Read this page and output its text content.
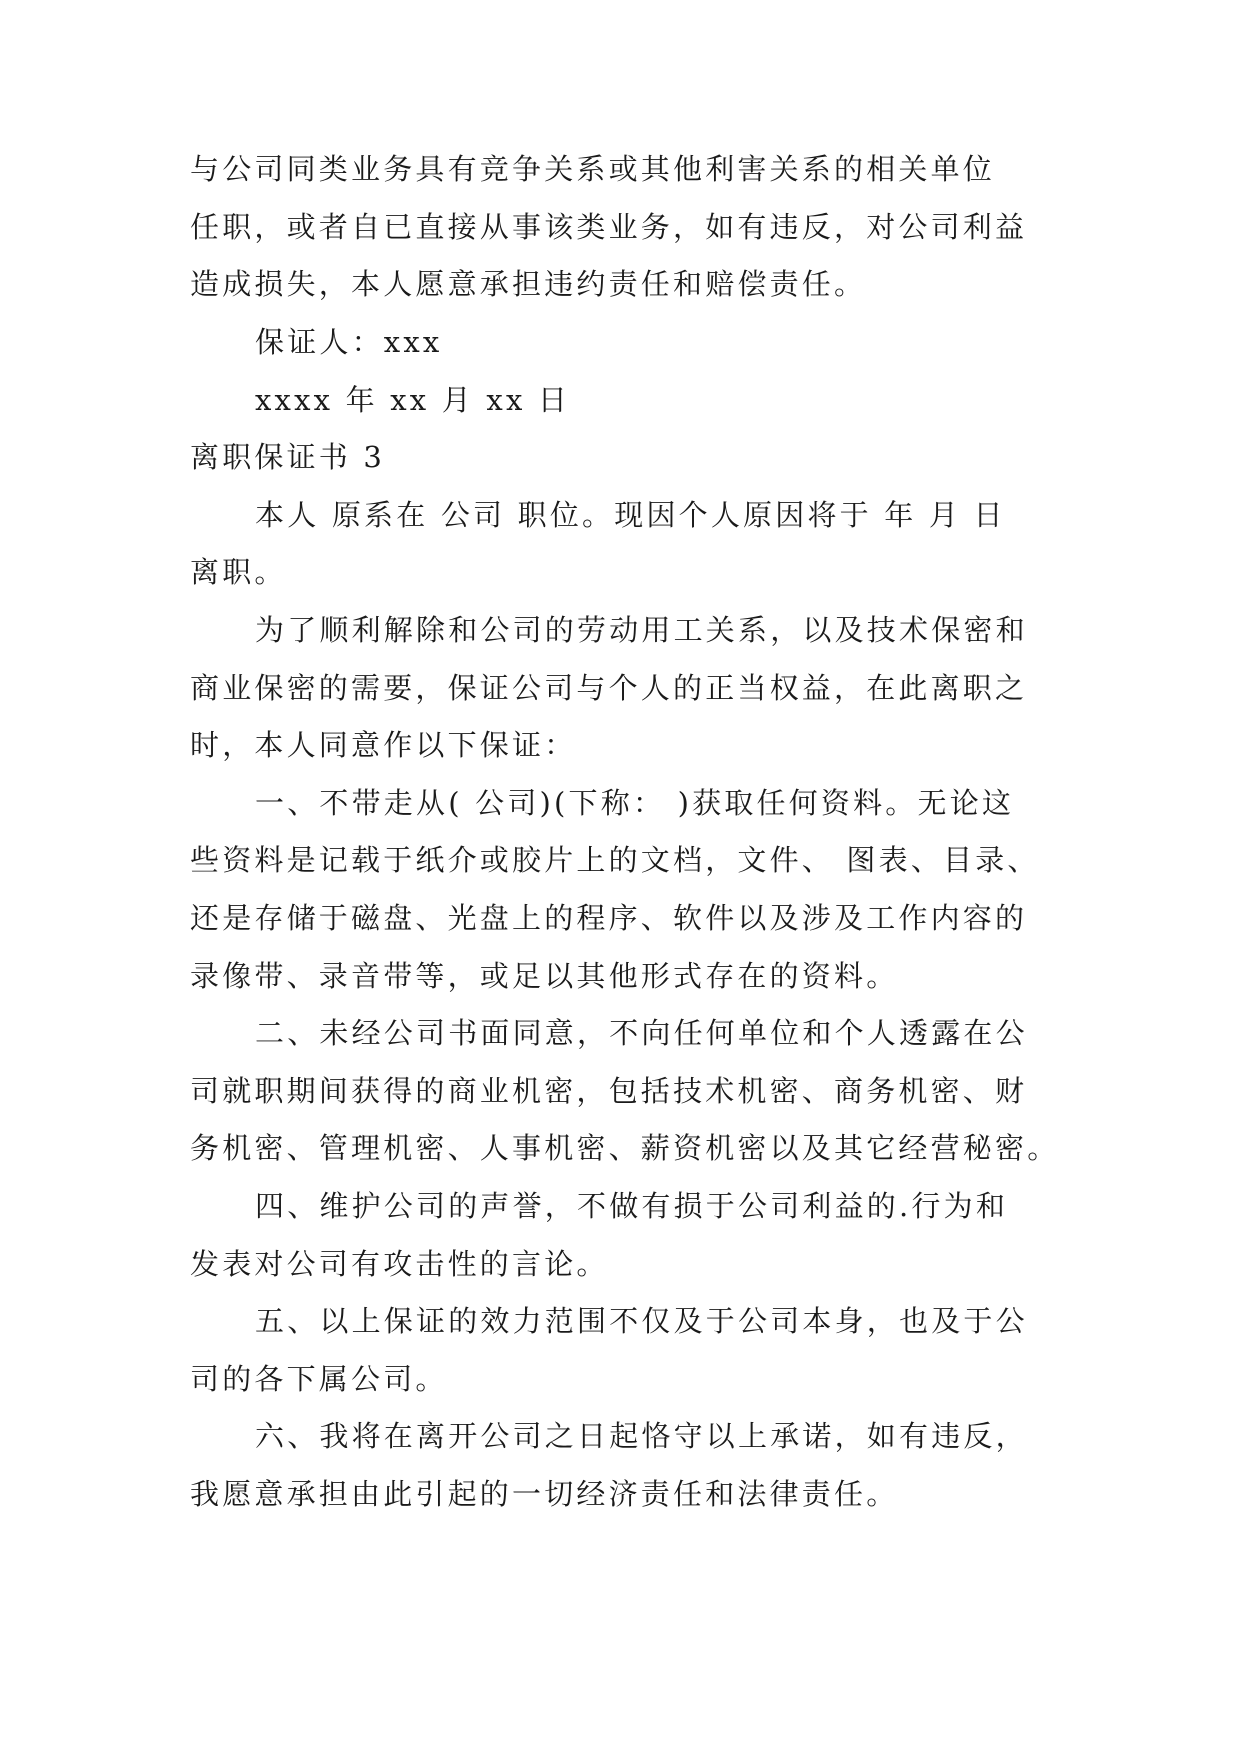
与公司同类业务具有竞争关系或其他利害关系的相关单位
任职，或者自已直接从事该类业务，如有违反，对公司利益
造成损失，本人愿意承担违约责任和赔偿责任。
保证人：xxx
xxxx 年 xx 月 xx 日
离职保证书 3
本人 原系在 公司 职位。现因个人原因将于 年 月 日
离职。
为了顺利解除和公司的劳动用工关系，以及技术保密和
商业保密的需要，保证公司与个人的正当权益，在此离职之
时，本人同意作以下保证：
一、不带走从( 公司)(下称： )获取任何资料。无论这
些资料是记载于纸介或胶片上的文档，文件、 图表、目录、
还是存储于磁盘、光盘上的程序、软件以及涉及工作内容的
录像带、录音带等，或足以其他形式存在的资料。
二、未经公司书面同意，不向任何单位和个人透露在公
司就职期间获得的商业机密，包括技术机密、商务机密、财
务机密、管理机密、人事机密、薪资机密以及其它经营秘密。
四、维护公司的声誉，不做有损于公司利益的.行为和
发表对公司有攻击性的言论。
五、以上保证的效力范围不仅及于公司本身，也及于公
司的各下属公司。
六、我将在离开公司之日起恪守以上承诺，如有违反，
我愿意承担由此引起的一切经济责任和法律责任。
